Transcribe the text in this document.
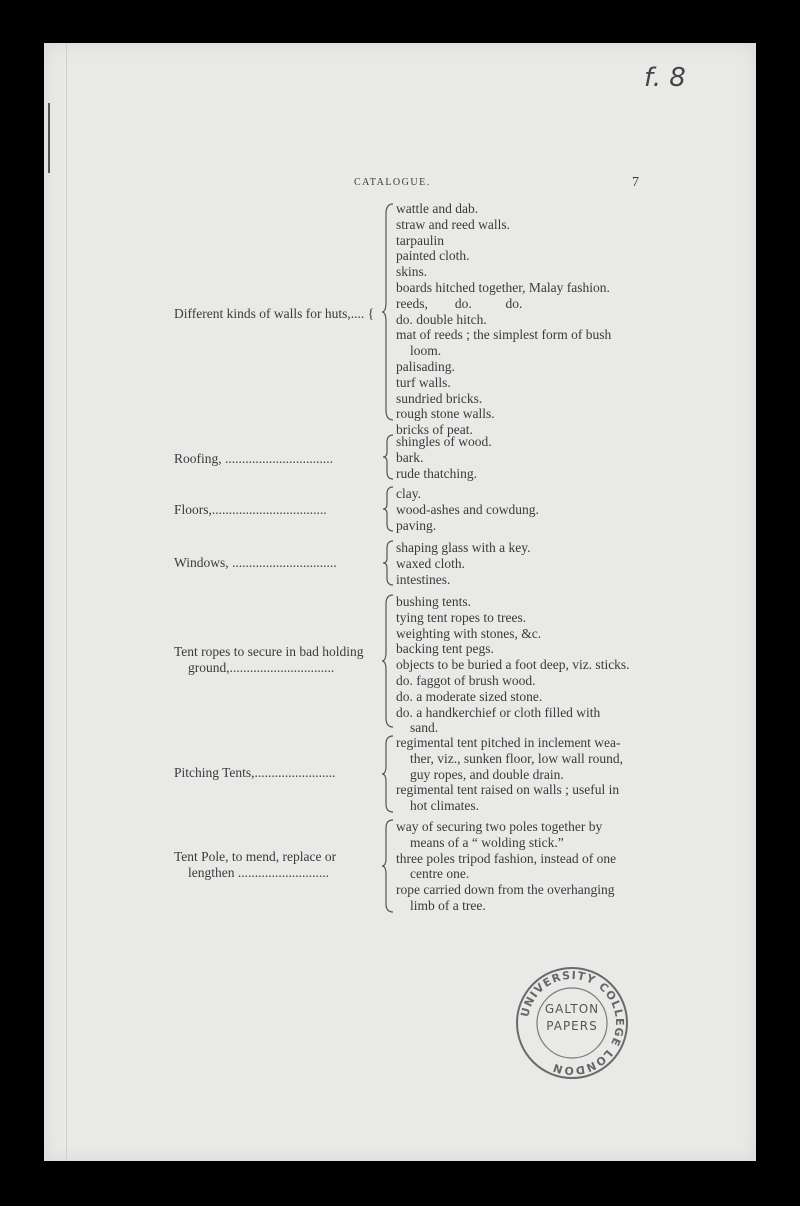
f. 8
CATALOGUE.	7
Different kinds of walls for huts,.... {
wattle and dab.
straw and reed walls.
tarpaulin
painted cloth.
skins.
boards hitched together, Malay fashion.
reeds,        do.          do.
do. double hitch.
mat of reeds ; the simplest form of bush
loom.
palisading.
turf walls.
sundried bricks.
rough stone walls.
bricks of peat.
Roofing, ................................
shingles of wood.
bark.
rude thatching.
Floors,..................................
clay.
wood-ashes and cowdung.
paving.
Windows, ...............................
shaping glass with a key.
waxed cloth.
intestines.
Tent ropes to secure in bad holding
ground,...............................
bushing tents.
tying tent ropes to trees.
weighting with stones, &c.
backing tent pegs.
objects to be buried a foot deep, viz. sticks.
do. faggot of brush wood.
do. a moderate sized stone.
do. a handkerchief or cloth filled with
sand.
Pitching Tents,........................
regimental tent pitched in inclement wea-
ther, viz., sunken floor, low wall round,
guy ropes, and double drain.
regimental tent raised on walls ; useful in
hot climates.
Tent Pole, to mend, replace or
lengthen ...........................
way of securing two poles together by
means of a “ wolding stick.”
three poles tripod fashion, instead of one
centre one.
rope carried down from the overhanging
limb of a tree.
UNIVERSITY COLLEGE LONDON
GALTON
PAPERS
